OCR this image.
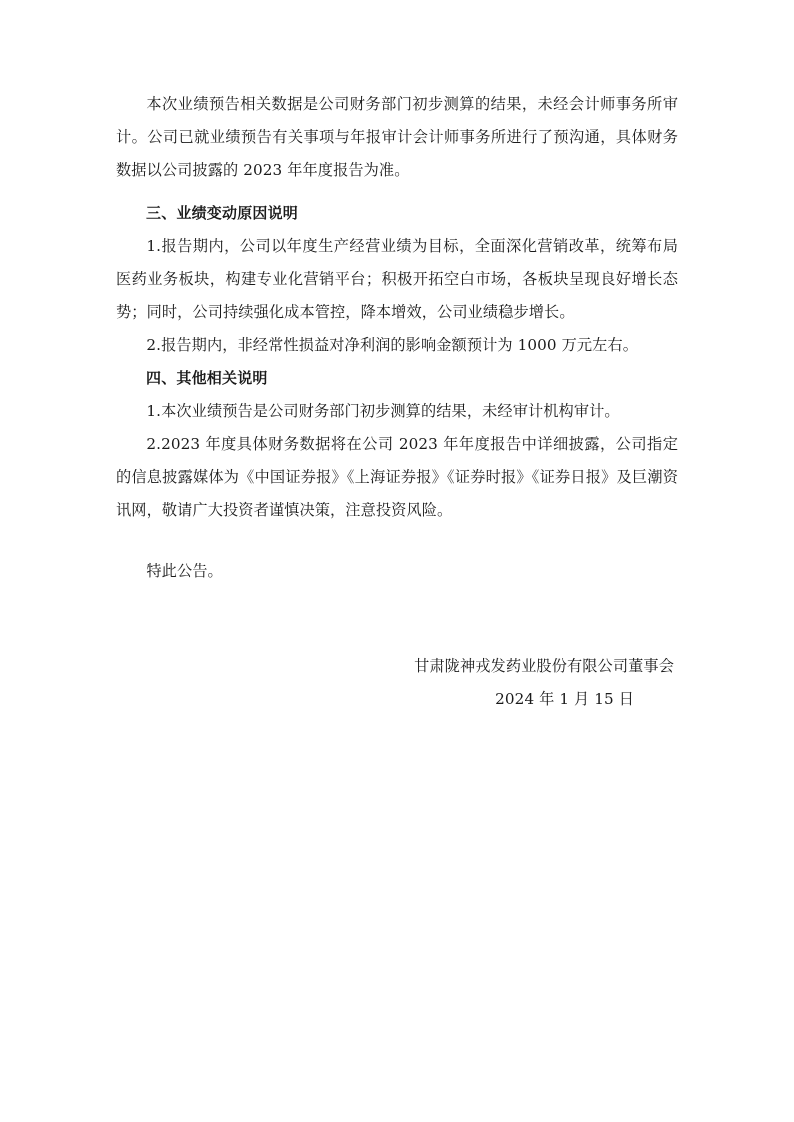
本次业绩预告相关数据是公司财务部门初步测算的结果，未经会计师事务所审计。公司已就业绩预告有关事项与年报审计会计师事务所进行了预沟通，具体财务数据以公司披露的 2023 年年度报告为准。

三、业绩变动原因说明

1.报告期内，公司以年度生产经营业绩为目标，全面深化营销改革，统筹布局医药业务板块，构建专业化营销平台；积极开拓空白市场，各板块呈现良好增长态势；同时，公司持续强化成本管控，降本增效，公司业绩稳步增长。

2.报告期内，非经常性损益对净利润的影响金额预计为 1000 万元左右。

四、其他相关说明

1.本次业绩预告是公司财务部门初步测算的结果，未经审计机构审计。

2.2023 年度具体财务数据将在公司 2023 年年度报告中详细披露，公司指定的信息披露媒体为《中国证券报》《上海证券报》《证券时报》《证券日报》及巨潮资讯网，敬请广大投资者谨慎决策，注意投资风险。

特此公告。

甘肃陇神戎发药业股份有限公司董事会
2024 年 1 月 15 日
